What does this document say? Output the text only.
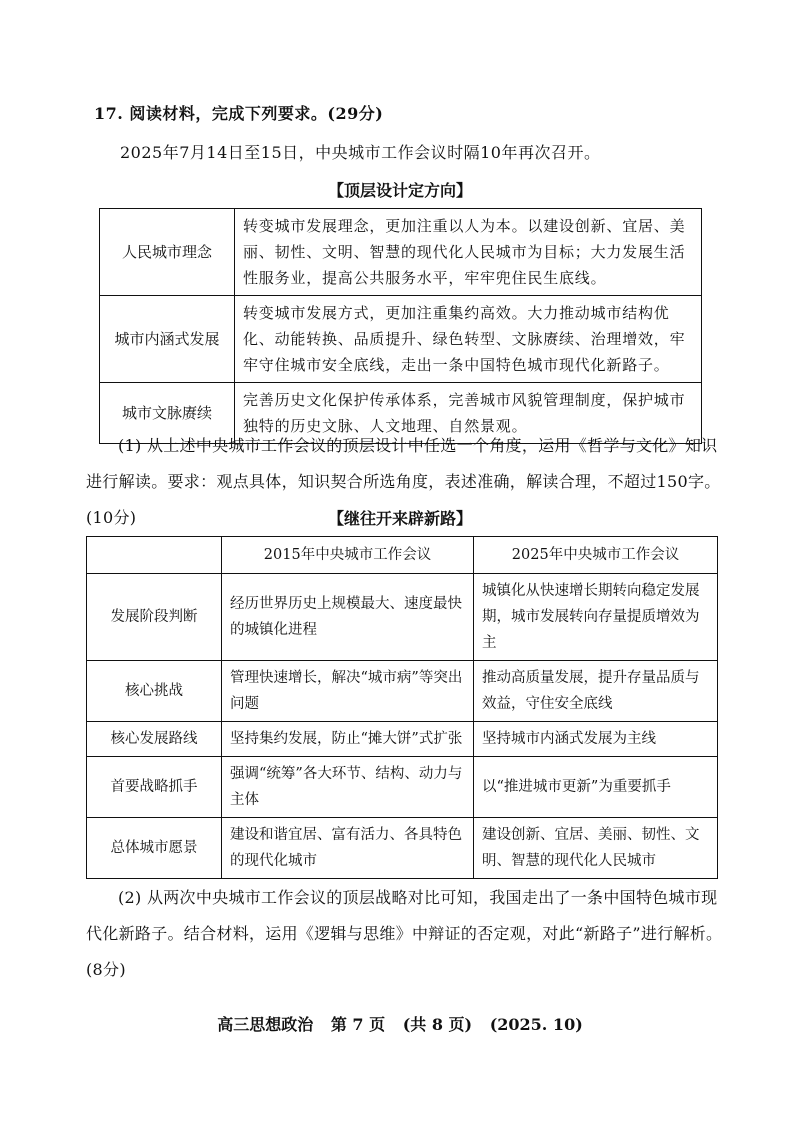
17. 阅读材料，完成下列要求。(29分)
2025年7月14日至15日，中央城市工作会议时隔10年再次召开。
【顶层设计定方向】
人民城市理念	转变城市发展理念，更加注重以人为本。以建设创新、宜居、美丽、韧性、文明、智慧的现代化人民城市为目标；大力发展生活性服务业，提高公共服务水平，牢牢兜住民生底线。
城市内涵式发展	转变城市发展方式，更加注重集约高效。大力推动城市结构优化、动能转换、品质提升、绿色转型、文脉赓续、治理增效，牢牢守住城市安全底线，走出一条中国特色城市现代化新路子。
城市文脉赓续	完善历史文化保护传承体系，完善城市风貌管理制度，保护城市独特的历史文脉、人文地理、自然景观。
(1) 从上述中央城市工作会议的顶层设计中任选一个角度，运用《哲学与文化》知识进行解读。要求：观点具体，知识契合所选角度，表述准确，解读合理，不超过150字。(10分)	【继往开来辟新路】
	2015年中央城市工作会议	2025年中央城市工作会议
发展阶段判断	经历世界历史上规模最大、速度最快的城镇化进程	城镇化从快速增长期转向稳定发展期，城市发展转向存量提质增效为主
核心挑战	管理快速增长，解决“城市病”等突出问题	推动高质量发展，提升存量品质与效益，守住安全底线
核心发展路线	坚持集约发展，防止“摊大饼”式扩张	坚持城市内涵式发展为主线
首要战略抓手	强调“统筹”各大环节、结构、动力与主体	以“推进城市更新”为重要抓手
总体城市愿景	建设和谐宜居、富有活力、各具特色的现代化城市	建设创新、宜居、美丽、韧性、文明、智慧的现代化人民城市
(2) 从两次中央城市工作会议的顶层战略对比可知，我国走出了一条中国特色城市现代化新路子。结合材料，运用《逻辑与思维》中辩证的否定观，对此“新路子”进行解析。(8分)
高三思想政治 第 7 页 (共 8 页) (2025. 10)
